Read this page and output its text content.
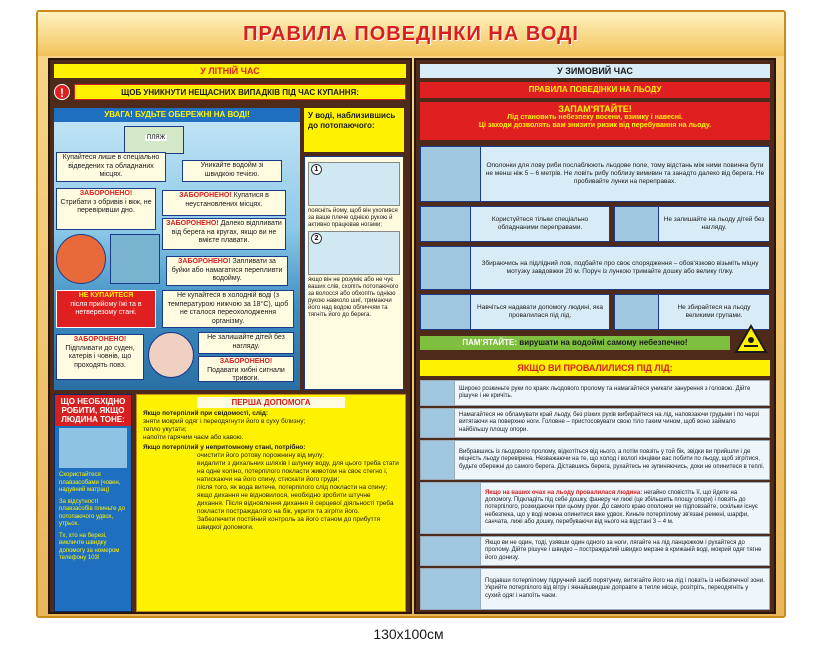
ПРАВИЛА ПОВЕДІНКИ НА ВОДІ
У ЛІТНІЙ ЧАС
!	ЩОБ УНИКНУТИ НЕЩАСНИХ ВИПАДКІВ ПІД ЧАС КУПАННЯ:
УВАГА! БУДЬТЕ ОБЕРЕЖНІ НА ВОДІ!
ПЛЯЖ
Купайтеся лише в спеціально відведених та обладнаних місцях.
Уникайте водойм зі швидкою течією.
ЗАБОРОНЕНО!
Стрибати з обривів і вкж, не перевіривши дно.
ЗАБОРОНЕНО! Купатися в неустановлених місцях.
ЗАБОРОНЕНО! Далеко відпливати від берега на кругах, якщо ви не вмієте плавати.
ЗАБОРОНЕНО! Запливати за буйки або намагатися перепливти водойму.
НЕ КУПАЙТЕСЯ
після прийому їжі та в нетверезому стані.
Не купайтеся в холодній воді (з температурою нижчою за 18°С), щоб не сталося переохолодження організму.
ЗАБОРОНЕНО!
Підпливати до суден, катерів і човнів, що проходять повз.
Не залишайте дітей без нагляду.
ЗАБОРОНЕНО!
Подавати хибні сигнали тривоги.
У воді, наблизившись до потопаючого:
1
поясніть йому, щоб він ухопився за ваше плече однією рукою й активно працював ногами;
2
якщо він не розуміє або не чує ваших слів, схопіть потопаючого за волосся або обхопіть однією рукою навколо шиї, тримаючи його над водою обличчям та тягніть його до берега.
ЩО НЕОБХІДНО РОБИТИ, ЯКЩО ЛЮДИНА ТОНЕ:
Скористайтеся плавзасобами (човен, надувний матрац)
За відсутності плавзасобів плиньте до потопаючого удвох, утрьох.
Тх, хто на березі, викличте швидку допомогу за номером телефону 103!
ПЕРША ДОПОМОГА
Якщо потерпілий при свідомості, слід:
зняти мокрий одяг і переодягнути його в суху білизну;
тепло укутати;
напоїти гарячим чаєм або кавою.
Якщо потерпілий у непритомному стані, потрібно:
очистити його ротову порожнину від мулу;
видалити з дихальних шляхів і шлунку воду, для цього треба стати на одне коліно, потерпілого покласти животом на своє стегно і, натискаючи на його спину, стискати його груди;
після того, як вода витече, потерпілого слід покласти на спину;
якщо дихання не відновилося, необхідно зробити штучне дихання. Після відновлення дихання й серцевої діяльності треба покласти постраждалого на бік, укрити та зігріти його. Забезпечити постійний контроль за його станом до прибуття швидкої допомоги.
У ЗИМОВИЙ ЧАС
ПРАВИЛА ПОВЕДІНКИ НА ЛЬОДУ
ЗАПАМ'ЯТАЙТЕ!
Лід становить небезпеку восени, взимку і навесні.
Ці заходи дозволять вам знизити ризик від перебування на льоду.
Ополонки для лову риби послаблюють льодове поле, тому відстань між ними повинна бути не менш ніж 5 – 6 метрів. Не ловіть рибу поблизу вимивин та занадто далеко від берега. Не пробивайте лунки на переправах.
Користуйтеся тільки спеціально обладнаними переправами.
Не залишайте на льоду дітей без нагляду.
Збираючись на підлідний лов, подбайте про своє спорядження – обов'язково візьміть міцну мотузку завдовжки 20 м. Поруч із лункою тримайте дошку або велику гілку.
Навчіться надавати допомогу людині, яка провалилася під лід.
Не збирайтеся на льоду великими групами.
ПАМ'ЯТАЙТЕ: вирушати на водоймі самому небезпечно!
ЯКЩО ВИ ПРОВАЛИЛИСЯ ПІД ЛІД:
Широко розкиньте руки по краях льодового пролому та намагайтеся уникати занурення з головою. Дійте рішуче і не кричіть.
Намагайтеся не обламувати край льоду, без різких рухів вибирайтеся на лід, наповзаючи грудьми і по черзі витягаючи на поверхню ноги. Головне – пристосовувати свою тіло таким чином, щоб воно займало найбільшу площу опори.
Вибравшись із льодового пролому, відкотіться від нього, а потім повзіть у той бік, звідки ви прийшли і де міцність льоду перевірена. Незважаючи на те, що холод і вологі кінцівки вас побити по льоду, щоб зігрітися, будьте обережні до самого берега. Діставшись берега, рухайтесь не зупиняючись, доки не опинитеся в теплі.
Якщо на ваших очах на льоду провалилася людина: негайно сповістіть її, що йдете на допомогу. Підкладіть під себе дошку, фанеру чи лижі (це збільшить площу опори) і повзіть до потерпілого, розкидаючи при цьому руки. До самого краю ополонки не підповзайте, оскільки існує небезпека, що у воді можна опинитися вже удвох. Киньте потерпілому зв'язані ремені, шарфи, санчата, лижі або дошку, перебуваючи від нього на відстані 3 – 4 м.
Якщо ви не один, тоді, узявши один одного за ноги, лягайте на лід ланцюжком і рухайтеся до пролому. Дійте рішуче і швидко – постраждалий швидко мерзне в крижаній воді, мокрий одяг тягне його донизу.
Подавши потерпілому підручний засіб порятунку, витягайте його на лід і повзіть із небезпечної зони. Укрийте потерпілого від вітру і якнайшвидше доправте в тепле місце, розітріть, переодягніть у сухий одяг і напоїть чаєм.
130x100см
